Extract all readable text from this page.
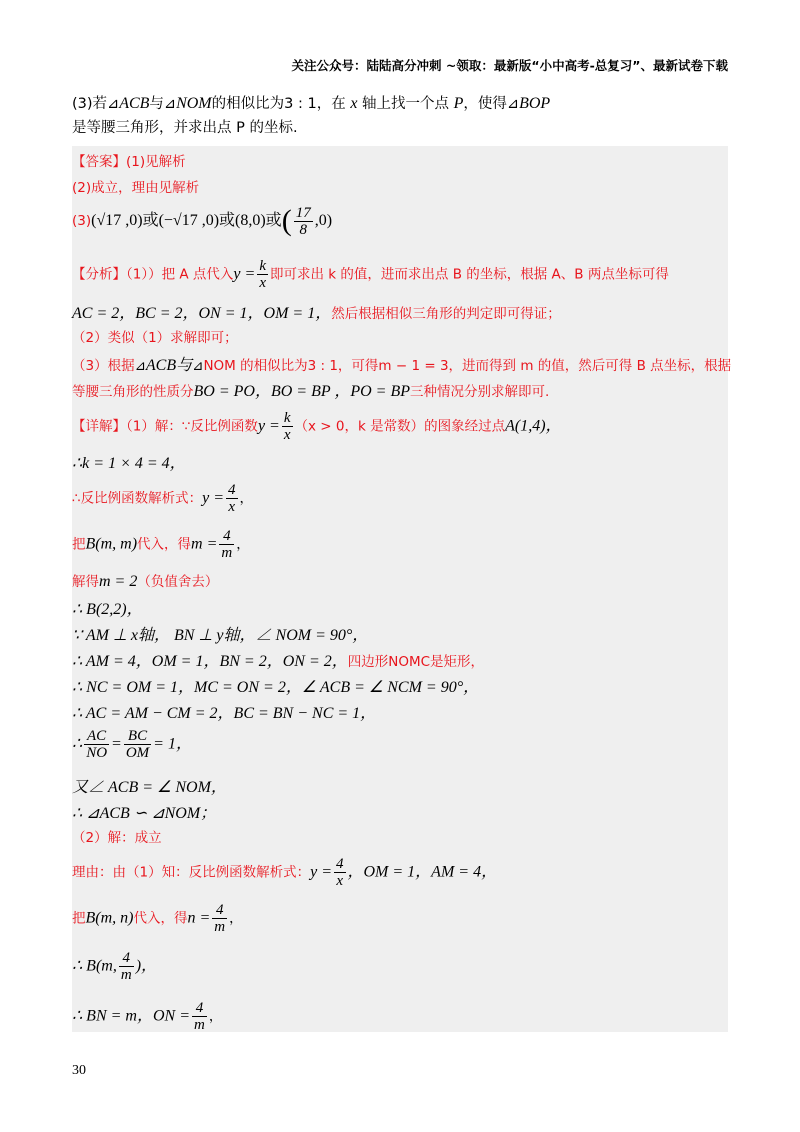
关注公众号：陆陆高分冲刺 ~领取：最新版“小中高考-总复习”、最新试卷下载
(3)若⊿ACB与⊿NOM的相似比为3 : 1，在 x 轴上找一个点 P，使得⊿BOP
是等腰三角形，并求出点 P 的坐标.
【答案】(1)见解析
(2)成立，理由见解析
(3)(√17 ,0)或(−√17 ,0)或(8,0)或( $\frac{17}{8} ,0$)
【分析】（1））把 A 点代入$y = \frac{k}{x}$ 即可求出 k 的值，进而求出点 B 的坐标，根据 A、B 两点坐标可得
AC = 2，BC = 2，ON = 1，OM = 1，然后根据相似三角形的判定即可得证；
（2）类似（1）求解即可；
（3）根据⊿ACB与⊿NOM 的相似比为3 : 1，可得m − 1 = 3，进而得到 m 的值，然后可得 B 点坐标，根据
等腰三角形的性质分BO = PO，BO = BP ，PO = BP三种情况分别求解即可.
【详解】（1）解：∵反比例函数$y = \frac{k}{x} (x > 0$，k 是常数）的图象经过点A(1,4)，
∴k = 1 × 4 = 4，
∴反比例函数解析式：$y = \frac{4}{x}$ ，
把B(m, m)代入，得$m = \frac{4}{m}$ ，
解得m = 2（负值舍去）
∴ B(2,2)，
∵ AM ⊥ x轴， BN ⊥ y轴，∠ NOM = 90°，
∴ AM = 4，OM = 1，BN = 2，ON = 2，四边形NOMC是矩形，
∴ NC = OM = 1，MC = ON = 2，∠ ACB = ∠ NCM = 90°，
∴ AC = AM − CM = 2，BC = BN − NC = 1，
∴ $\frac{AC}{NO} = \frac{BC}{OM} = 1$，
又∠ ACB = ∠ NOM，
∴ ⊿ACB ∽ ⊿NOM；
（2）解：成立
理由：由（1）知：反比例函数解析式：$y = \frac{4}{x}$ ，OM = 1，AM = 4，
把B(m, n)代入，得$n = \frac{4}{m}$ ，
∴ B(m, $\frac{4}{m}$ )，
∴ BN = m，ON = $\frac{4}{m}$ ，
30
